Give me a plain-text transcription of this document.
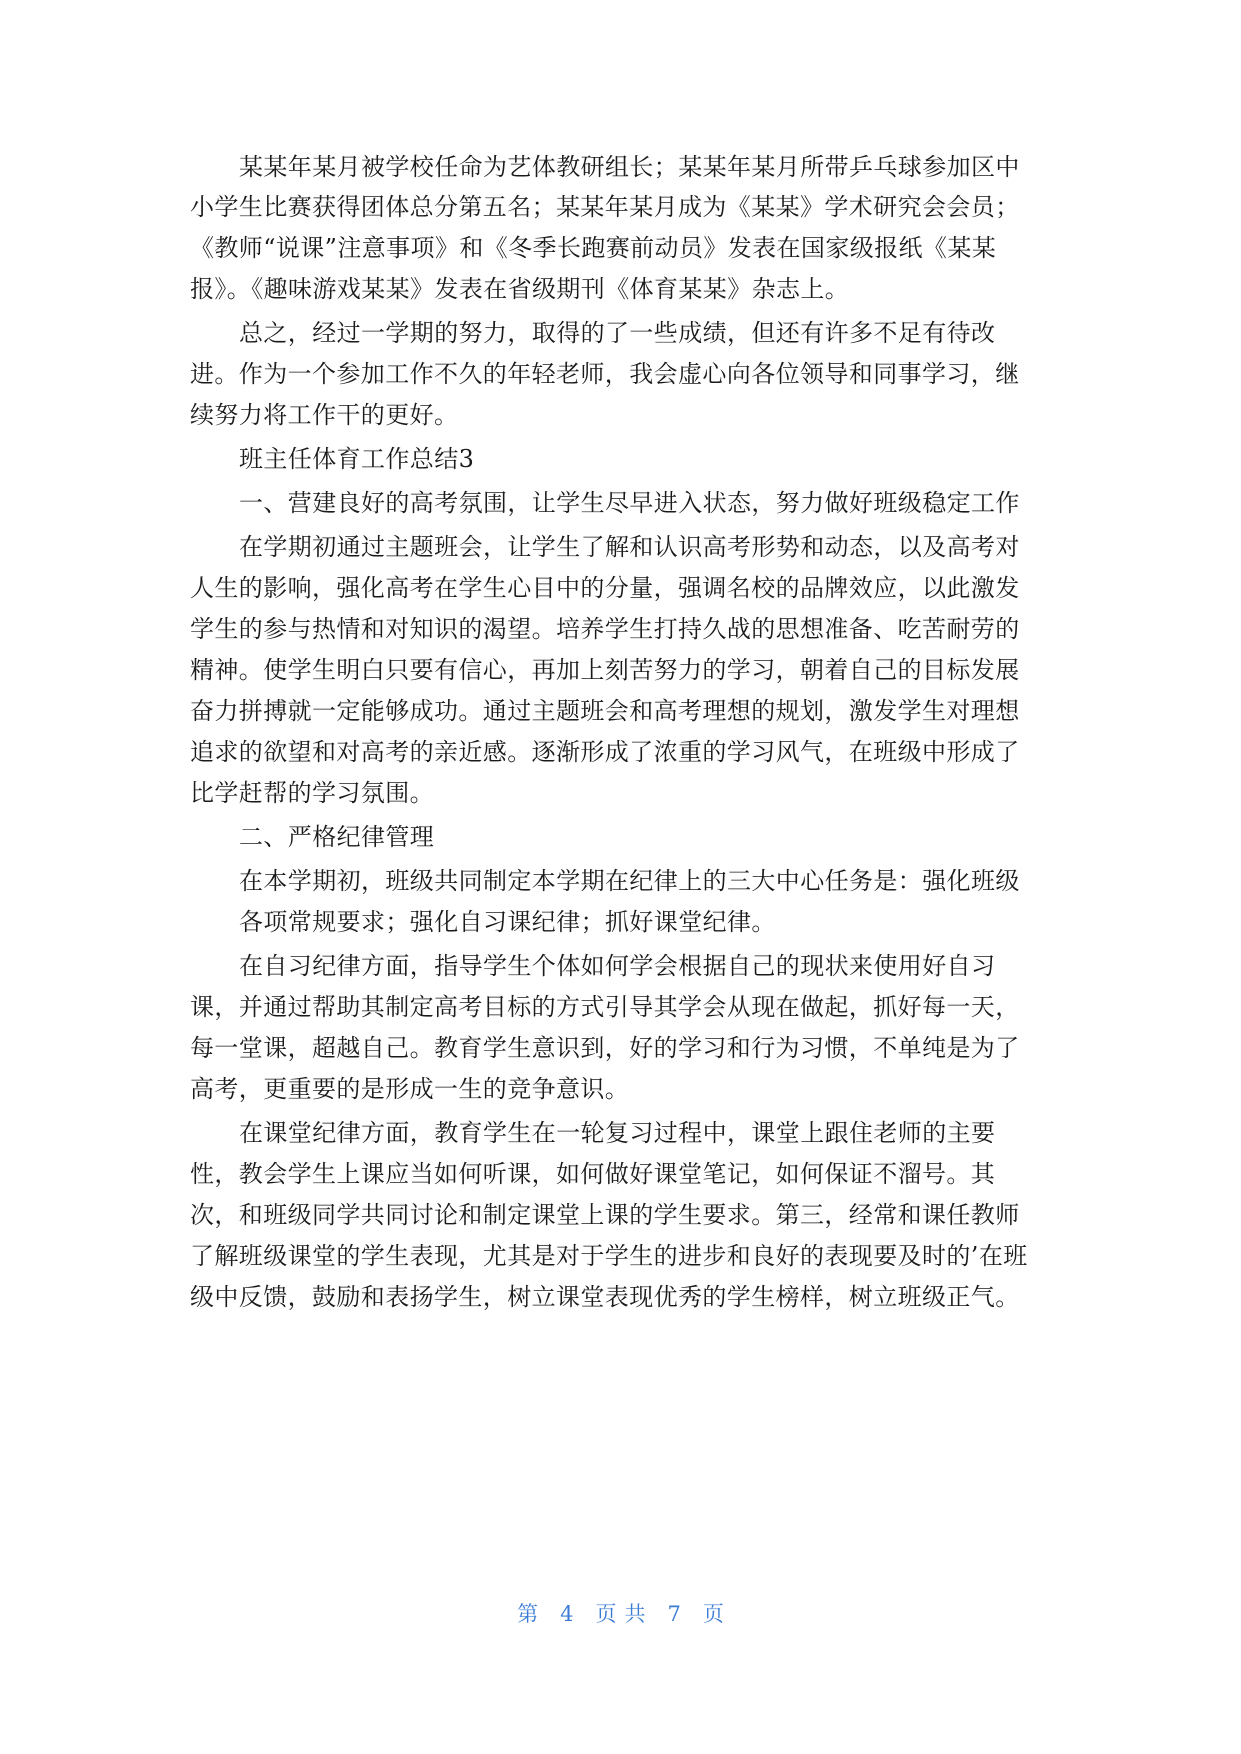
某某年某月被学校任命为艺体教研组长；某某年某月所带乒乓球参加区中
小学生比赛获得团体总分第五名；某某年某月成为《某某》学术研究会会员；
《教师“说课”注意事项》和《冬季长跑赛前动员》发表在国家级报纸《某某
报》。《趣味游戏某某》发表在省级期刊《体育某某》杂志上。
总之，经过一学期的努力，取得的了一些成绩，但还有许多不足有待改
进。作为一个参加工作不久的年轻老师，我会虚心向各位领导和同事学习，继
续努力将工作干的更好。
班主任体育工作总结3
一、营建良好的高考氛围，让学生尽早进入状态，努力做好班级稳定工作
在学期初通过主题班会，让学生了解和认识高考形势和动态，以及高考对
人生的影响，强化高考在学生心目中的分量，强调名校的品牌效应，以此激发
学生的参与热情和对知识的渴望。培养学生打持久战的思想准备、吃苦耐劳的
精神。使学生明白只要有信心，再加上刻苦努力的学习，朝着自己的目标发展
奋力拼搏就一定能够成功。通过主题班会和高考理想的规划，激发学生对理想
追求的欲望和对高考的亲近感。逐渐形成了浓重的学习风气，在班级中形成了
比学赶帮的学习氛围。
二、严格纪律管理
在本学期初，班级共同制定本学期在纪律上的三大中心任务是：强化班级
各项常规要求；强化自习课纪律；抓好课堂纪律。
在自习纪律方面，指导学生个体如何学会根据自己的现状来使用好自习
课，并通过帮助其制定高考目标的方式引导其学会从现在做起，抓好每一天，
每一堂课，超越自己。教育学生意识到，好的学习和行为习惯，不单纯是为了
高考，更重要的是形成一生的竞争意识。
在课堂纪律方面，教育学生在一轮复习过程中，课堂上跟住老师的主要
性，教会学生上课应当如何听课，如何做好课堂笔记，如何保证不溜号。其
次，和班级同学共同讨论和制定课堂上课的学生要求。第三，经常和课任教师
了解班级课堂的学生表现，尤其是对于学生的进步和良好的表现要及时的’在班
级中反馈，鼓励和表扬学生，树立课堂表现优秀的学生榜样，树立班级正气。
第 4 页 共 7 页
